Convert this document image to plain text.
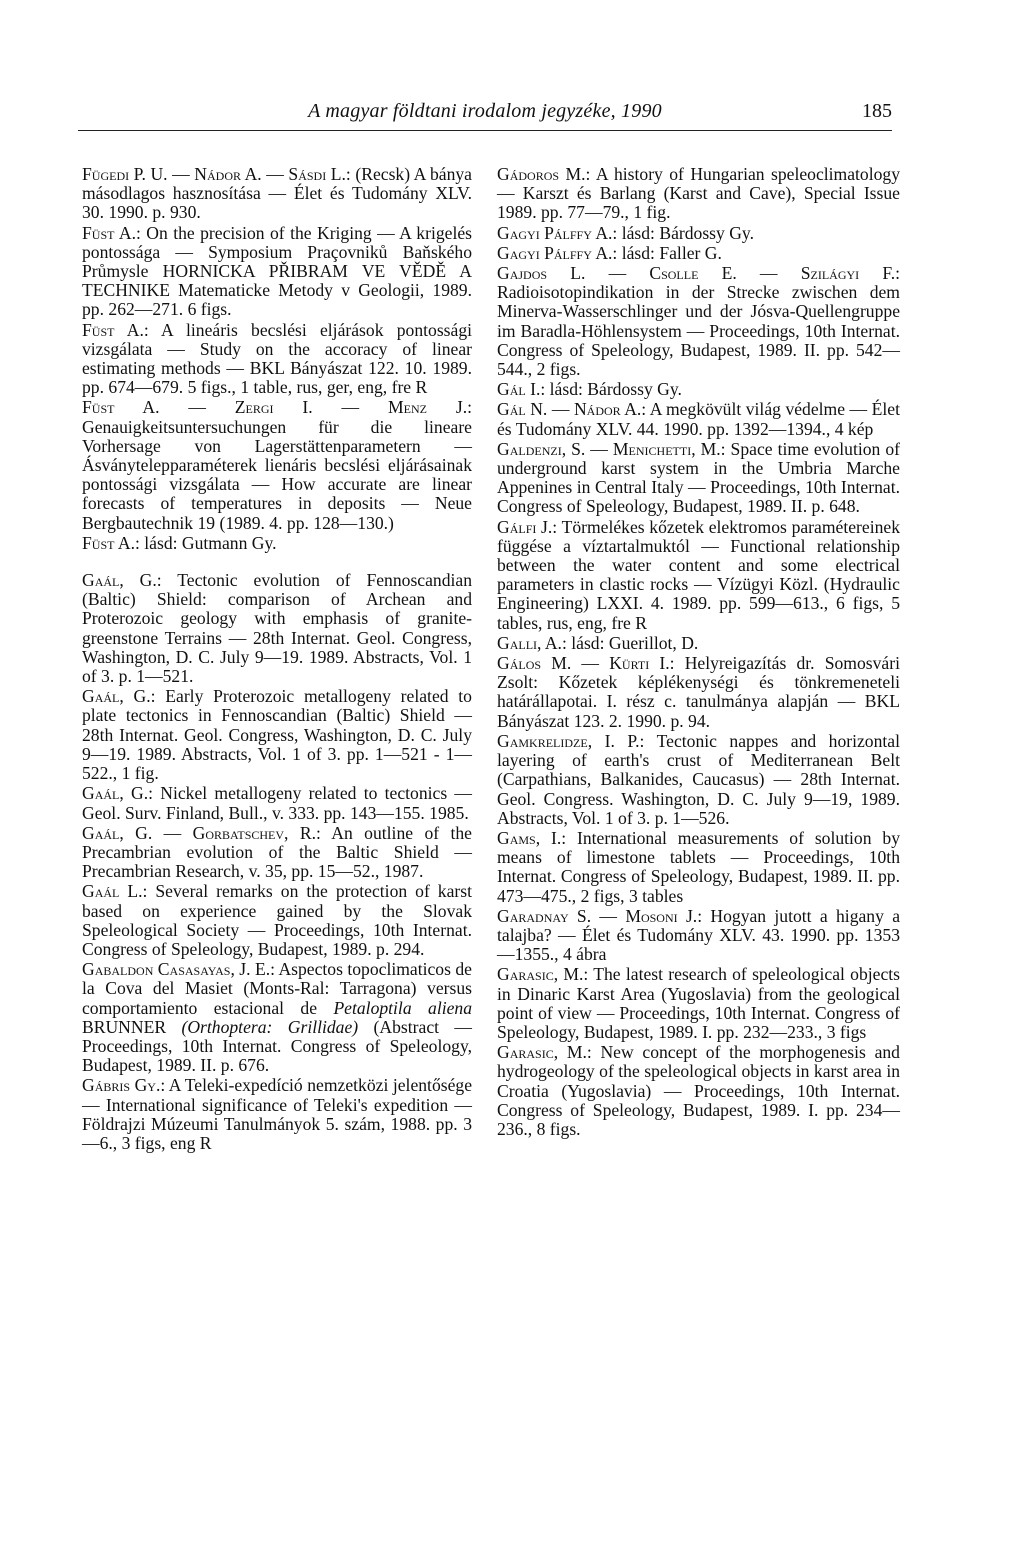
A magyar földtani irodalom jegyzéke, 1990	185

Fügedi P. U. — Nádor A. — Sásdi L.: (Recsk) A bánya másodlagos hasznosítása — Élet és Tudomány XLV. 30. 1990. p. 930.

Füst A.: On the precision of the Kriging — A krigelés pontossága — Symposium Praçovniků Baňského Průmysle HORNICKA PŘIBRAM VE VĚDĚ A TECHNIKE Matematicke Metody v Geologii, 1989. pp. 262—271. 6 figs.

Füst A.: A lineáris becslési eljárások pontossági vizsgálata — Study on the accoracy of linear estimating methods — BKL Bányászat 122. 10. 1989. pp. 674—679. 5 figs., 1 table, rus, ger, eng, fre R

Füst A. — Zergi I. — Menz J.: Genauigkeitsuntersuchungen für die lineare Vorhersage von Lagerstättenparametern — Ásványtelepparaméterek lienáris becslési eljárásainak pontossági vizsgálata — How accurate are linear forecasts of temperatures in deposits — Neue Bergbautechnik 19 (1989. 4. pp. 128—130.)

Füst A.: lásd: Gutmann Gy.

Gaál, G.: Tectonic evolution of Fennoscandian (Baltic) Shield: comparison of Archean and Proterozoic geology with emphasis of granite-greenstone Terrains — 28th Internat. Geol. Congress, Washington, D. C. July 9—19. 1989. Abstracts, Vol. 1 of 3. p. 1—521.

Gaál, G.: Early Proterozoic metallogeny related to plate tectonics in Fennoscandian (Baltic) Shield — 28th Internat. Geol. Congress, Washington, D. C. July 9—19. 1989. Abstracts, Vol. 1 of 3. pp. 1—521 - 1—522., 1 fig.

Gaál, G.: Nickel metallogeny related to tectonics — Geol. Surv. Finland, Bull., v. 333. pp. 143—155. 1985.

Gaál, G. — Gorbatschev, R.: An outline of the Precambrian evolution of the Baltic Shield — Precambrian Research, v. 35, pp. 15—52., 1987.

Gaál L.: Several remarks on the protection of karst based on experience gained by the Slovak Speleological Society — Proceedings, 10th Internat. Congress of Speleology, Budapest, 1989. p. 294.

Gabaldon Casasayas, J. E.: Aspectos topoclimaticos de la Cova del Masiet (Monts-Ral: Tarragona) versus comportamiento estacional de Petaloptila aliena BRUNNER (Orthoptera: Grillidae) (Abstract — Proceedings, 10th Internat. Congress of Speleology, Budapest, 1989. II. p. 676.

Gábris Gy.: A Teleki-expedíció nemzetközi jelentősége — International significance of Teleki's expedition — Földrajzi Múzeumi Tanulmányok 5. szám, 1988. pp. 3—6., 3 figs, eng R

Gádoros M.: A history of Hungarian speleoclimatology — Karszt és Barlang (Karst and Cave), Special Issue 1989. pp. 77—79., 1 fig.

Gagyi Pálffy A.: lásd: Bárdossy Gy.

Gagyi Pálffy A.: lásd: Faller G.

Gajdos L. — Csolle E. — Szilágyi F.: Radioisotopindikation in der Strecke zwischen dem Minerva-Wasserschlinger und der Jósva-Quellengruppe im Baradla-Höhlensystem — Proceedings, 10th Internat. Congress of Speleology, Budapest, 1989. II. pp. 542—544., 2 figs.

Gál I.: lásd: Bárdossy Gy.

Gál N. — Nádor A.: A megkövült világ védelme — Élet és Tudomány XLV. 44. 1990. pp. 1392—1394., 4 kép

Galdenzi, S. — Menichetti, M.: Space time evolution of underground karst system in the Umbria Marche Appenines in Central Italy — Proceedings, 10th Internat. Congress of Speleology, Budapest, 1989. II. p. 648.

Gálfi J.: Törmelékes kőzetek elektromos paramétereinek függése a víztartalmuktól — Functional relationship between the water content and some electrical parameters in clastic rocks — Vízügyi Közl. (Hydraulic Engineering) LXXI. 4. 1989. pp. 599—613., 6 figs, 5 tables, rus, eng, fre R

Galli, A.: lásd: Guerillot, D.

Gálos M. — Kürti I.: Helyreigazítás dr. Somosvári Zsolt: Kőzetek képlékenységi és tönkremeneteli határállapotai. I. rész c. tanulmánya alapján — BKL Bányászat 123. 2. 1990. p. 94.

Gamkrelidze, I. P.: Tectonic nappes and horizontal layering of earth's crust of Mediterranean Belt (Carpathians, Balkanides, Caucasus) — 28th Internat. Geol. Congress. Washington, D. C. July 9—19, 1989. Abstracts, Vol. 1 of 3. p. 1—526.

Gams, I.: International measurements of solution by means of limestone tablets — Proceedings, 10th Internat. Congress of Speleology, Budapest, 1989. II. pp. 473—475., 2 figs, 3 tables

Garadnay S. — Mosoni J.: Hogyan jutott a higany a talajba? — Élet és Tudomány XLV. 43. 1990. pp. 1353—1355., 4 ábra

Garasic, M.: The latest research of speleological objects in Dinaric Karst Area (Yugoslavia) from the geological point of view — Proceedings, 10th Internat. Congress of Speleology, Budapest, 1989. I. pp. 232—233., 3 figs

Garasic, M.: New concept of the morphogenesis and hydrogeology of the speleological objects in karst area in Croatia (Yugoslavia) — Proceedings, 10th Internat. Congress of Speleology, Budapest, 1989. I. pp. 234—236., 8 figs.
